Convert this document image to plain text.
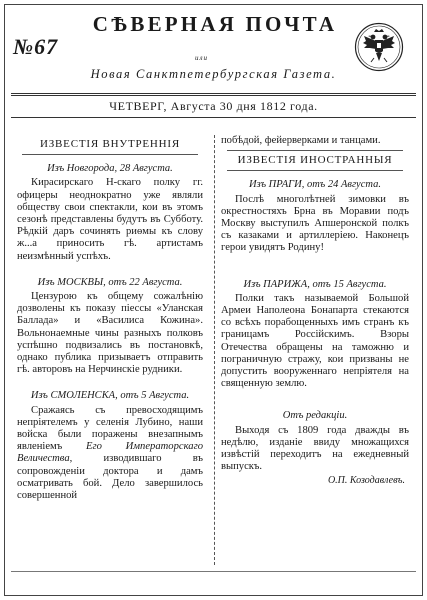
СѢВЕРНАЯ ПОЧТА
№67	или
Новая Санктпетербургская Газета.
ЧЕТВЕРГ, Августа 30 дня 1812 года.
ИЗВЕСТІЯ ВНУТРЕННІЯ
Изъ Новгорода, 28 Августа.

Кирасирскаго Н-скаго полку гг. офицеры неоднократно уже являли обществу свои спектакли, кои въ этомъ сезонѣ представлены будутъ въ Субботу. Рѣдкій даръ сочинять риѳмы къ слову ж...а приносить гѣ. артистамъ неизмѣнный успѣхъ.

Изъ МОСКВЫ, отъ 22 Августа.

Цензурою къ общему сожалѣнію дозволены къ показу пiессы «Уланская Баллада» и «Василиса Кожина». Вольнонаемные чины разныхъ полковъ успѣшно подвизались въ постановкѣ, однако публика призываетъ отправить гѣ. авторовъ на Нерчинскіе рудники.

Изъ СМОЛЕНСКА, отъ 5 Августа.

Сражаясь съ превосходящимъ непріятелемъ у селенія Лубино, наши войска были поражены внезапнымъ явленіемъ Его Императорскаго Величества, изводившаго въ сопровожденіи доктора и дамъ осматривать бой. Дело завершилось совершенной

побѣдой, фейерверками и танцами.

ИЗВЕСТІЯ ИНОСТРАННЫЯ
Изъ ПРАГИ, отъ 24 Августа.

Послѣ многолѣтней зимовки въ окрестностяхъ Брна въ Моравии подъ Москву выступилъ Апшеронской полкъ съ казаками и артиллеріею. Наконецъ герои увидятъ Родину!

Изъ ПАРИЖА, отъ 15 Августа.

Полки такъ называемой Большой Армеи Наполеона Бонапарта стекаются со всѣхъ порабощенныхъ имъ странъ къ границамъ Россійскимъ. Взоры Отечества обращены на таможню и пограничную стражу, кои призваны не допустить вооруженнаго непріятеля на священную землю.

Отъ редакціи.

Выходя съ 1809 года дважды въ недѣлю, изданіе ввиду множащихся извѣстій переходитъ на ежедневный выпускъ.

О.П. Козодавлевъ.
